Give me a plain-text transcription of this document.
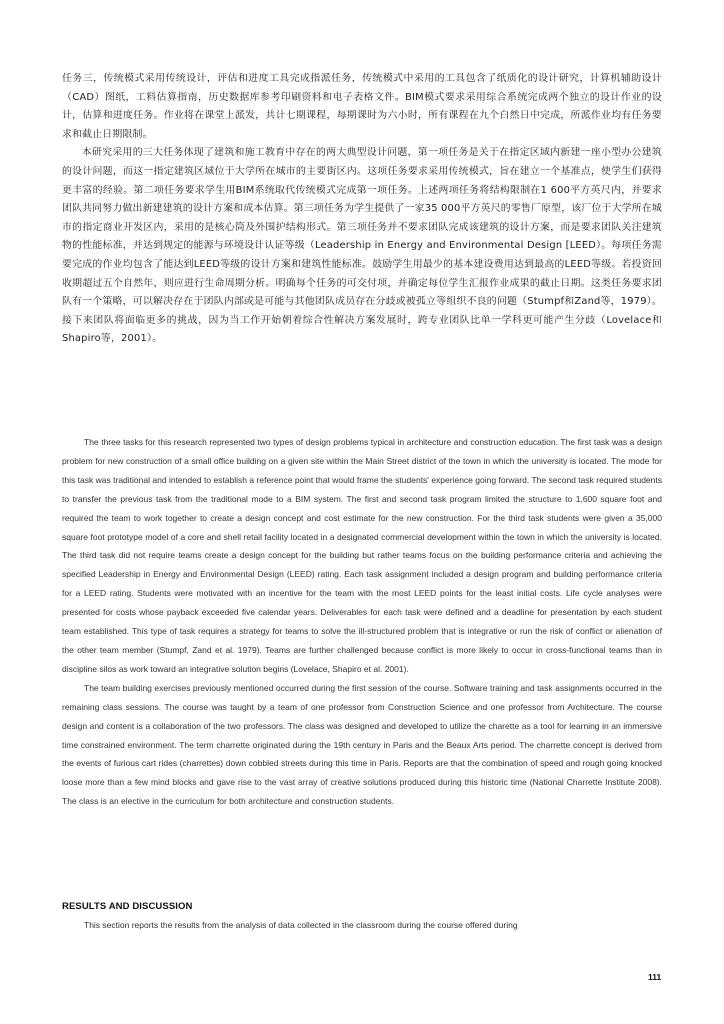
任务三，传统模式采用传统设计，评估和进度工具完成指派任务，传统模式中采用的工具包含了纸质化的设计研究，计算机辅助设计（CAD）图纸，工料估算指南，历史数据库参考印刷资料和电子表格文件。BIM模式要求采用综合系统完成两个独立的设计作业的设计，估算和进度任务。作业将在课堂上派发，共计七期课程，每期课时为六小时，所有课程在九个白然日中完成，所派作业均有任务要求和截止日期限制。

本研究采用的三大任务体现了建筑和施工教育中存在的两大典型设计问题，第一项任务是关于在指定区域内新建一座小型办公建筑的设计问题，而这一指定建筑区域位于大学所在城市的主要街区内。这项任务要求采用传统模式，旨在建立一个基准点，使学生们获得更丰富的经验。第二项任务要求学生用BIM系统取代传统模式完成第一项任务。上述两项任务将结构限制在1 600平方英尺内，并要求团队共同努力做出新建建筑的设计方案和成本估算。第三项任务为学生提供了一家35 000平方英尺的零售厂原型，该厂位于大学所在城市的指定商业开发区内，采用的是核心筒及外围护结构形式。第三项任务并不要求团队完成该建筑的设计方案，而是要求团队关注建筑物的性能标准，并达到规定的能源与环境设计认证等级（Leadership in Energy and Environmental Design [LEED）。每项任务需要完成的作业均包含了能达到LEED等级的设计方案和建筑性能标准。鼓励学生用最少的基本建设费用达到最高的LEED等级。若投资回收期超过五个自然年，则应进行生命周期分析。明确每个任务的可交付项，并确定每位学生汇报作业成果的截止日期。这类任务要求团队有一个策略，可以解决存在于团队内部或是可能与其他团队成员存在分歧或被孤立等组织不良的问题（Stumpf和Zand等，1979）。接下来团队将面临更多的挑战，因为当工作开始朝着综合性解决方案发展时，跨专业团队比单一学科更可能产生分歧（Lovelace和Shapiro等，2001）。

The three tasks for this research represented two types of design problems typical in architecture and construction education. The first task was a design problem for new construction of a small office building on a given site within the Main Street district of the town in which the university is located. The mode for this task was traditional and intended to establish a reference point that would frame the students' experience going forward. The second task required students to transfer the previous task from the traditional mode to a BIM system. The first and second task program limited the structure to 1,600 square foot and required the team to work together to create a design concept and cost estimate for the new construction. For the third task students were given a 35,000 square foot prototype model of a core and shell retail facility located in a designated commercial development within the town in which the university is located. The third task did not require teams create a design concept for the building but rather teams focus on the building performance criteria and achieving the specified Leadership in Energy and Environmental Design (LEED) rating. Each task assignment included a design program and building performance criteria for a LEED rating. Students were motivated with an incentive for the team with the most LEED points for the least initial costs. Life cycle analyses were presented for costs whose payback exceeded five calendar years. Deliverables for each task were defined and a deadline for presentation by each student team established. This type of task requires a strategy for teams to solve the ill-structured problem that is integrative or run the risk of conflict or alienation of the other team member (Stumpf, Zand et al. 1979). Teams are further challenged because conflict is more likely to occur in cross-functional teams than in discipline silos as work toward an integrative solution begins (Lovelace, Shapiro et al. 2001).

The team building exercises previously mentioned occurred during the first session of the course. Software training and task assignments occurred in the remaining class sessions. The course was taught by a team of one professor from Construction Science and one professor from Architecture. The course design and content is a collaboration of the two professors. The class was designed and developed to utilize the charette as a tool for learning in an immersive time constrained environment. The term charrette originated during the 19th century in Paris and the Beaux Arts period. The charrette concept is derived from the events of furious cart rides (charrettes) down cobbled streets during this time in Paris. Reports are that the combination of speed and rough going knocked loose more than a few mind blocks and gave rise to the vast array of creative solutions produced during this historic time (National Charrette Institute 2008). The class is an elective in the curriculum for both architecture and construction students.

RESULTS AND DISCUSSION

This section reports the results from the analysis of data collected in the classroom during the course offered during

111
